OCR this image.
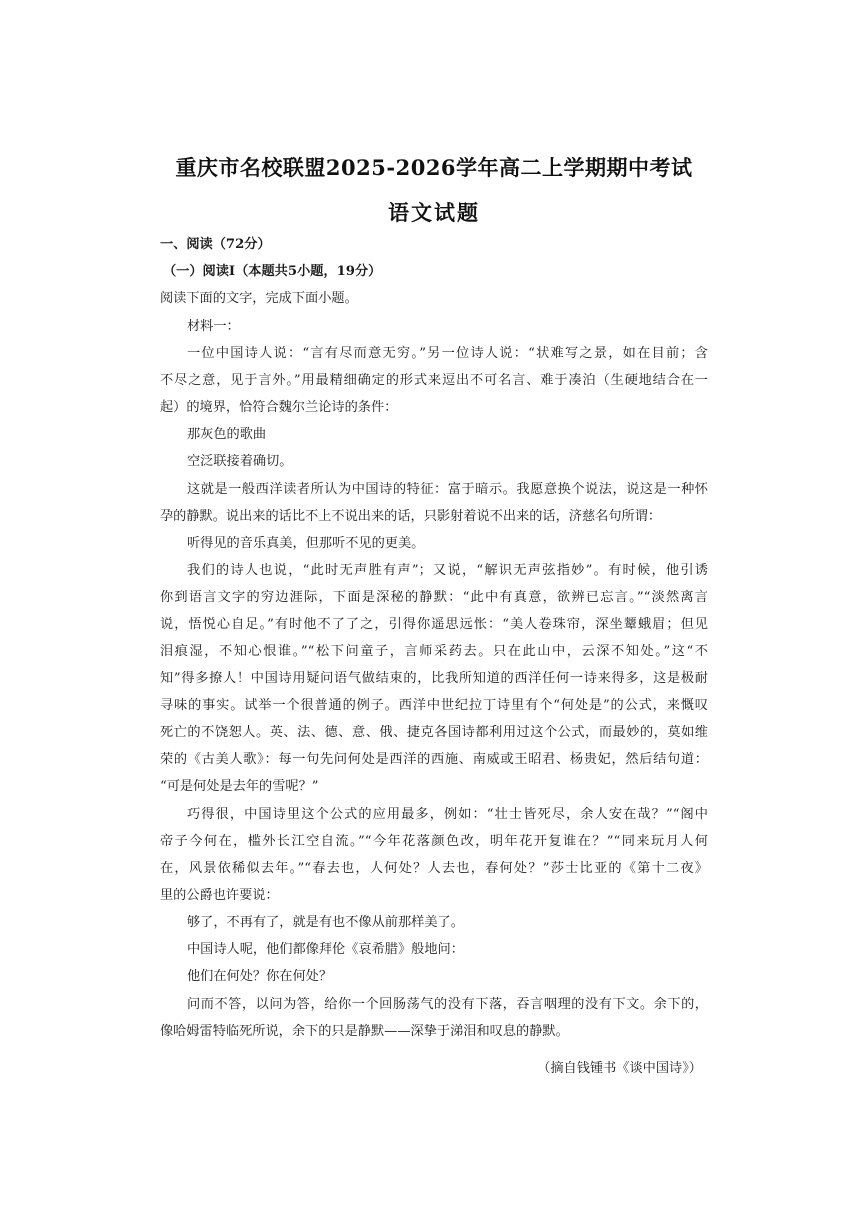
重庆市名校联盟2025-2026学年高二上学期期中考试
语文试题

一、阅读（72分）

（一）阅读Ⅰ（本题共5小题，19分）

阅读下面的文字，完成下面小题。

材料一：

一位中国诗人说：“言有尽而意无穷。”另一位诗人说：“状难写之景，如在目前；含

不尽之意，见于言外。”用最精细确定的形式来逗出不可名言、难于凑泊（生硬地结合在一

起）的境界，恰符合魏尔兰论诗的条件：

那灰色的歌曲

空泛联接着确切。

这就是一般西洋读者所认为中国诗的特征：富于暗示。我愿意换个说法，说这是一种怀

孕的静默。说出来的话比不上不说出来的话，只影射着说不出来的话，济慈名句所谓：

听得见的音乐真美，但那听不见的更美。

我们的诗人也说，“此时无声胜有声”；又说，“解识无声弦指妙”。有时候，他引诱

你到语言文字的穷边涯际，下面是深秘的静默：“此中有真意，欲辨已忘言。”“淡然离言

说，悟悦心自足。”有时他不了了之，引得你遥思远怅：“美人卷珠帘，深坐颦蛾眉；但见

泪痕湿，不知心恨谁。”“松下问童子，言师采药去。只在此山中，云深不知处。”这“不

知”得多撩人！中国诗用疑问语气做结束的，比我所知道的西洋任何一诗来得多，这是极耐

寻味的事实。试举一个很普通的例子。西洋中世纪拉丁诗里有个“何处是”的公式，来慨叹

死亡的不饶恕人。英、法、德、意、俄、捷克各国诗都利用过这个公式，而最妙的，莫如维

荣的《古美人歌》：每一句先问何处是西洋的西施、南威或王昭君、杨贵妃，然后结句道：

“可是何处是去年的雪呢？”

巧得很，中国诗里这个公式的应用最多，例如：“壮士皆死尽，余人安在哉？”“阁中

帝子今何在，槛外长江空自流。”“今年花落颜色改，明年花开复谁在？”“同来玩月人何

在，风景依稀似去年。”“春去也，人何处？人去也，春何处？”莎士比亚的《第十二夜》

里的公爵也许要说：

够了，不再有了，就是有也不像从前那样美了。

中国诗人呢，他们都像拜伦《哀希腊》般地问：

他们在何处？你在何处？

问而不答，以问为答，给你一个回肠荡气的没有下落，吞言咽理的没有下文。余下的，

像哈姆雷特临死所说，余下的只是静默——深挚于涕泪和叹息的静默。

（摘自钱锺书《谈中国诗》）
